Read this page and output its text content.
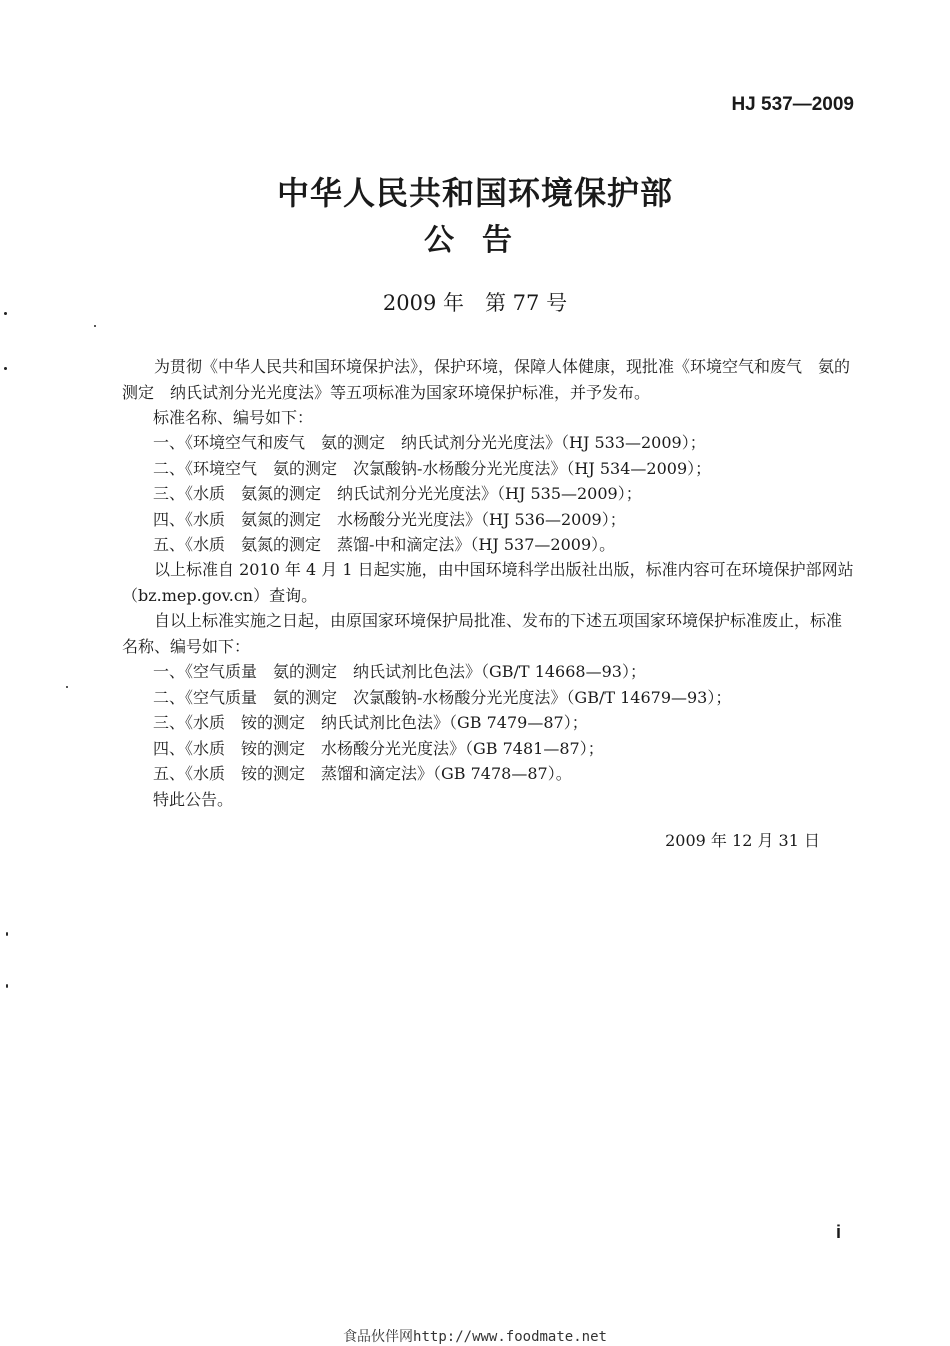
HJ 537—2009
中华人民共和国环境保护部
公告
2009 年　第 77 号
为贯彻《中华人民共和国环境保护法》，保护环境，保障人体健康，现批准《环境空气和废气　氨的测定　纳氏试剂分光光度法》等五项标准为国家环境保护标准，并予发布。
标准名称、编号如下：
一、《环境空气和废气　氨的测定　纳氏试剂分光光度法》（HJ 533—2009）；
二、《环境空气　氨的测定　次氯酸钠-水杨酸分光光度法》（HJ 534—2009）；
三、《水质　氨氮的测定　纳氏试剂分光光度法》（HJ 535—2009）；
四、《水质　氨氮的测定　水杨酸分光光度法》（HJ 536—2009）；
五、《水质　氨氮的测定　蒸馏-中和滴定法》（HJ 537—2009）。
以上标准自 2010 年 4 月 1 日起实施，由中国环境科学出版社出版，标准内容可在环境保护部网站（bz.mep.gov.cn）查询。
自以上标准实施之日起，由原国家环境保护局批准、发布的下述五项国家环境保护标准废止，标准名称、编号如下：
一、《空气质量　氨的测定　纳氏试剂比色法》（GB/T 14668—93）；
二、《空气质量　氨的测定　次氯酸钠-水杨酸分光光度法》（GB/T 14679—93）；
三、《水质　铵的测定　纳氏试剂比色法》（GB 7479—87）；
四、《水质　铵的测定　水杨酸分光光度法》（GB 7481—87）；
五、《水质　铵的测定　蒸馏和滴定法》（GB 7478—87）。
特此公告。
2009 年 12 月 31 日
i
食品伙伴网http://www.foodmate.net
